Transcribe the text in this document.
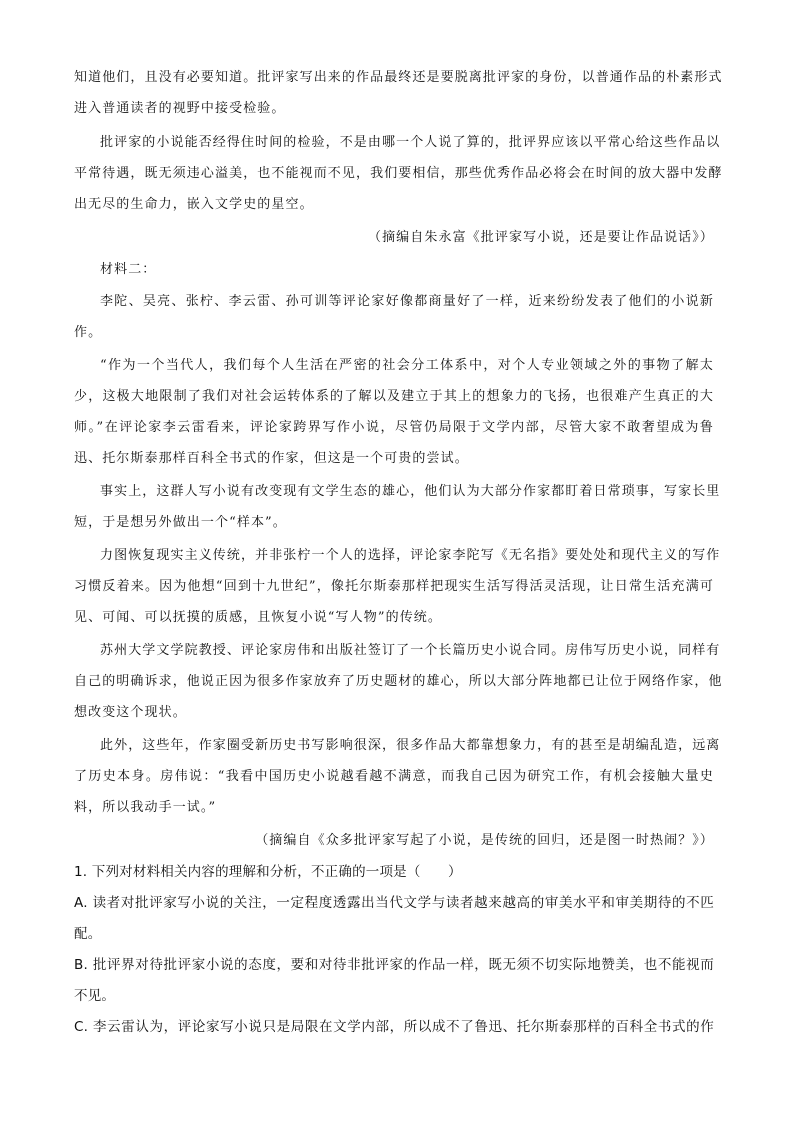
知道他们，且没有必要知道。批评家写出来的作品最终还是要脱离批评家的身份，以普通作品的朴素形式
进入普通读者的视野中接受检验。
批评家的小说能否经得住时间的检验，不是由哪一个人说了算的，批评界应该以平常心给这些作品以
平常待遇，既无须违心溢美，也不能视而不见，我们要相信，那些优秀作品必将会在时间的放大器中发酵
出无尽的生命力，嵌入文学史的星空。
（摘编自朱永富《批评家写小说，还是要让作品说话》）
材料二：
李陀、吴亮、张柠、李云雷、孙可训等评论家好像都商量好了一样，近来纷纷发表了他们的小说新
作。
“作为一个当代人，我们每个人生活在严密的社会分工体系中，对个人专业领域之外的事物了解太
少，这极大地限制了我们对社会运转体系的了解以及建立于其上的想象力的飞扬，也很难产生真正的大
师。”在评论家李云雷看来，评论家跨界写作小说，尽管仍局限于文学内部，尽管大家不敢奢望成为鲁
迅、托尔斯泰那样百科全书式的作家，但这是一个可贵的尝试。
事实上，这群人写小说有改变现有文学生态的雄心，他们认为大部分作家都盯着日常琐事，写家长里
短，于是想另外做出一个“样本”。
力图恢复现实主义传统，并非张柠一个人的选择，评论家李陀写《无名指》要处处和现代主义的写作
习惯反着来。因为他想“回到十九世纪”，像托尔斯泰那样把现实生活写得活灵活现，让日常生活充满可
见、可闻、可以抚摸的质感，且恢复小说“写人物”的传统。
苏州大学文学院教授、评论家房伟和出版社签订了一个长篇历史小说合同。房伟写历史小说，同样有
自己的明确诉求，他说正因为很多作家放弃了历史题材的雄心，所以大部分阵地都已让位于网络作家，他
想改变这个现状。
此外，这些年，作家圈受新历史书写影响很深，很多作品大都靠想象力，有的甚至是胡编乱造，远离
了历史本身。房伟说：“我看中国历史小说越看越不满意，而我自己因为研究工作，有机会接触大量史
料，所以我动手一试。”
（摘编自《众多批评家写起了小说，是传统的回归，还是图一时热闹？》）
1. 下列对材料相关内容的理解和分析，不正确的一项是（　　）
A. 读者对批评家写小说的关注，一定程度透露出当代文学与读者越来越高的审美水平和审美期待的不匹
配。
B. 批评界对待批评家小说的态度，要和对待非批评家的作品一样，既无须不切实际地赞美，也不能视而
不见。
C. 李云雷认为，评论家写小说只是局限在文学内部，所以成不了鲁迅、托尔斯泰那样的百科全书式的作
